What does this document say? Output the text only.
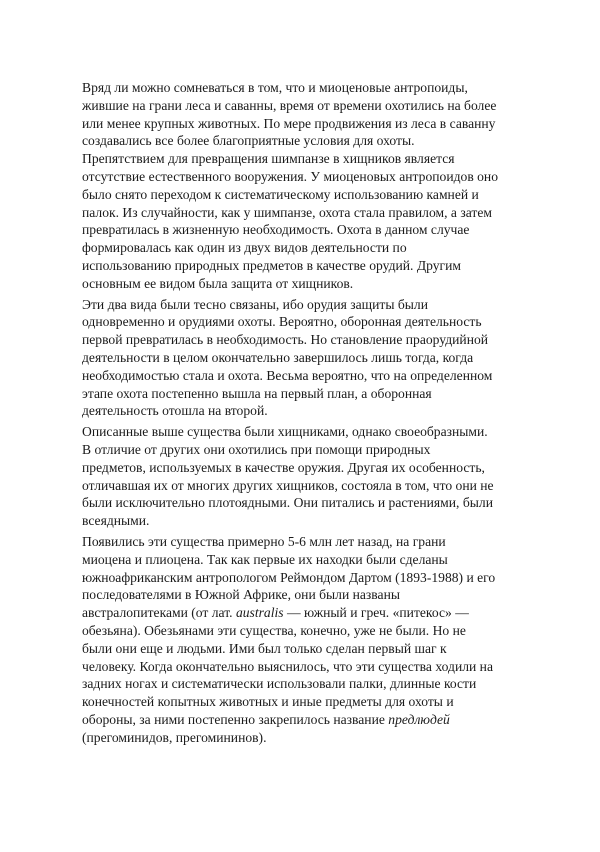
Вряд ли можно сомневаться в том, что и миоценовые антропоиды,
жившие на грани леса и саванны, время от времени охотились на более
или менее крупных животных. По мере продвижения из леса в саванну
создавались все более благоприятные условия для охоты.
Препятствием для превращения шимпанзе в хищников является
отсутствие естественного вооружения. У миоценовых антропоидов оно
было снято переходом к систематическому использованию камней и
палок. Из случайности, как у шимпанзе, охота стала правилом, а затем
превратилась в жизненную необходимость. Охота в данном случае
формировалась как один из двух видов деятельности по
использованию природных предметов в качестве орудий. Другим
основным ее видом была защита от хищников.

Эти два вида были тесно связаны, ибо орудия защиты были
одновременно и орудиями охоты. Вероятно, оборонная деятельность
первой превратилась в необходимость. Но становление праорудийной
деятельности в целом окончательно завершилось лишь тогда, когда
необходимостью стала и охота. Весьма вероятно, что на определенном
этапе охота постепенно вышла на первый план, а оборонная
деятельность отошла на второй.

Описанные выше существа были хищниками, однако своеобразными.
В отличие от других они охотились при помощи природных
предметов, используемых в качестве оружия. Другая их особенность,
отличавшая их от многих других хищников, состояла в том, что они не
были исключительно плотоядными. Они питались и растениями, были
всеядными.

Появились эти существа примерно 5-6 млн лет назад, на грани
миоцена и плиоцена. Так как первые их находки были сделаны
южноафриканским антропологом Реймондом Дартом (1893-1988) и его
последователями в Южной Африке, они были названы
австралопитеками (от лат. australis — южный и греч. «питекос» —
обезьяна). Обезьянами эти существа, конечно, уже не были. Но не
были они еще и людьми. Ими был только сделан первый шаг к
человеку. Когда окончательно выяснилось, что эти существа ходили на
задних ногах и систематически использовали палки, длинные кости
конечностей копытных животных и иные предметы для охоты и
обороны, за ними постепенно закрепилось название предлюдей
(прегоминидов, прегомининов).
